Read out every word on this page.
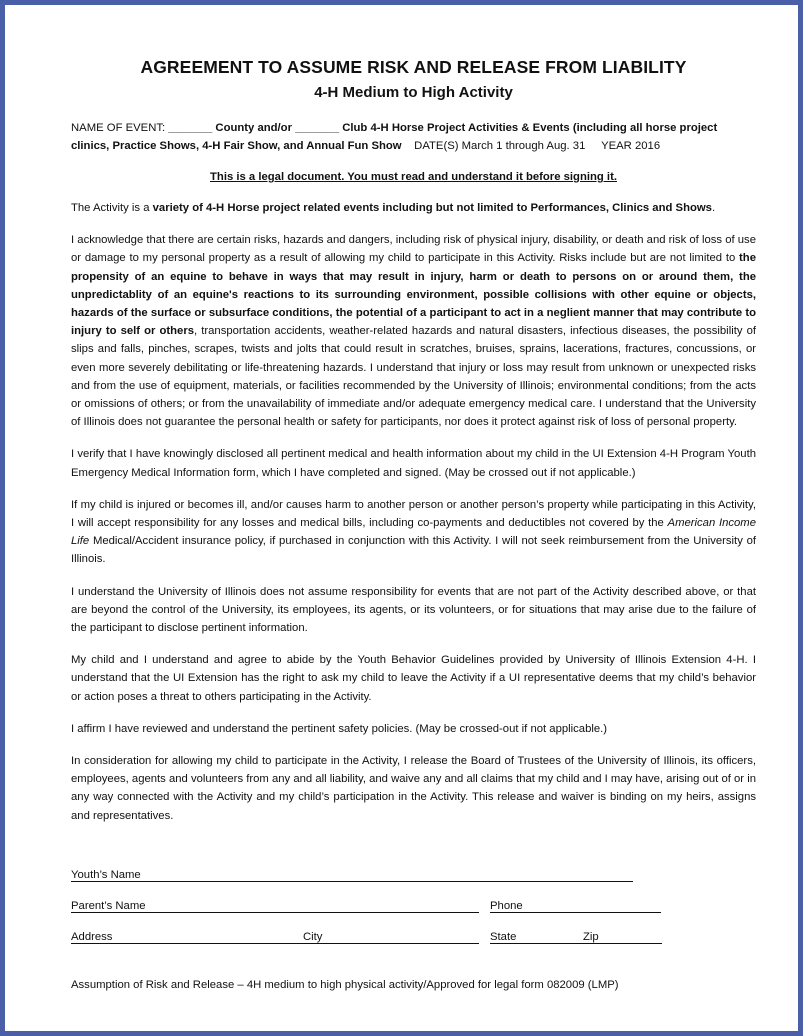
AGREEMENT TO ASSUME RISK AND RELEASE FROM LIABILITY
4-H Medium to High Activity

NAME OF EVENT: _______ County and/or _______ Club 4-H Horse Project Activities & Events (including all horse project clinics, Practice Shows, 4-H Fair Show, and Annual Fun Show DATE(S) March 1 through Aug. 31 YEAR 2016

This is a legal document. You must read and understand it before signing it.

The Activity is a variety of 4-H Horse project related events including but not limited to Performances, Clinics and Shows.

I acknowledge that there are certain risks, hazards and dangers, including risk of physical injury, disability, or death and risk of loss of use or damage to my personal property as a result of allowing my child to participate in this Activity. Risks include but are not limited to the propensity of an equine to behave in ways that may result in injury, harm or death to persons on or around them, the unpredictablity of an equine's reactions to its surrounding environment, possible collisions with other equine or objects, hazards of the surface or subsurface conditions, the potential of a participant to act in a neglient manner that may contribute to injury to self or others, transportation accidents, weather-related hazards and natural disasters, infectious diseases, the possibility of slips and falls, pinches, scrapes, twists and jolts that could result in scratches, bruises, sprains, lacerations, fractures, concussions, or even more severely debilitating or life-threatening hazards. I understand that injury or loss may result from unknown or unexpected risks and from the use of equipment, materials, or facilities recommended by the University of Illinois; environmental conditions; from the acts or omissions of others; or from the unavailability of immediate and/or adequate emergency medical care. I understand that the University of Illinois does not guarantee the personal health or safety for participants, nor does it protect against risk of loss of personal property.

I verify that I have knowingly disclosed all pertinent medical and health information about my child in the UI Extension 4-H Program Youth Emergency Medical Information form, which I have completed and signed. (May be crossed out if not applicable.)

If my child is injured or becomes ill, and/or causes harm to another person or another person’s property while participating in this Activity, I will accept responsibility for any losses and medical bills, including co-payments and deductibles not covered by the American Income Life Medical/Accident insurance policy, if purchased in conjunction with this Activity. I will not seek reimbursement from the University of Illinois.

I understand the University of Illinois does not assume responsibility for events that are not part of the Activity described above, or that are beyond the control of the University, its employees, its agents, or its volunteers, or for situations that may arise due to the failure of the participant to disclose pertinent information.

My child and I understand and agree to abide by the Youth Behavior Guidelines provided by University of Illinois Extension 4-H. I understand that the UI Extension has the right to ask my child to leave the Activity if a UI representative deems that my child’s behavior or action poses a threat to others participating in the Activity.

I affirm I have reviewed and understand the pertinent safety policies. (May be crossed-out if not applicable.)

In consideration for allowing my child to participate in the Activity, I release the Board of Trustees of the University of Illinois, its officers, employees, agents and volunteers from any and all liability, and waive any and all claims that my child and I may have, arising out of or in any way connected with the Activity and my child’s participation in the Activity. This release and waiver is binding on my heirs, assigns and representatives.

Youth’s Name
Parent’s Name	Phone
Address	City	State	Zip
Assumption of Risk and Release – 4H medium to high physical activity/Approved for legal form 082009 (LMP)
